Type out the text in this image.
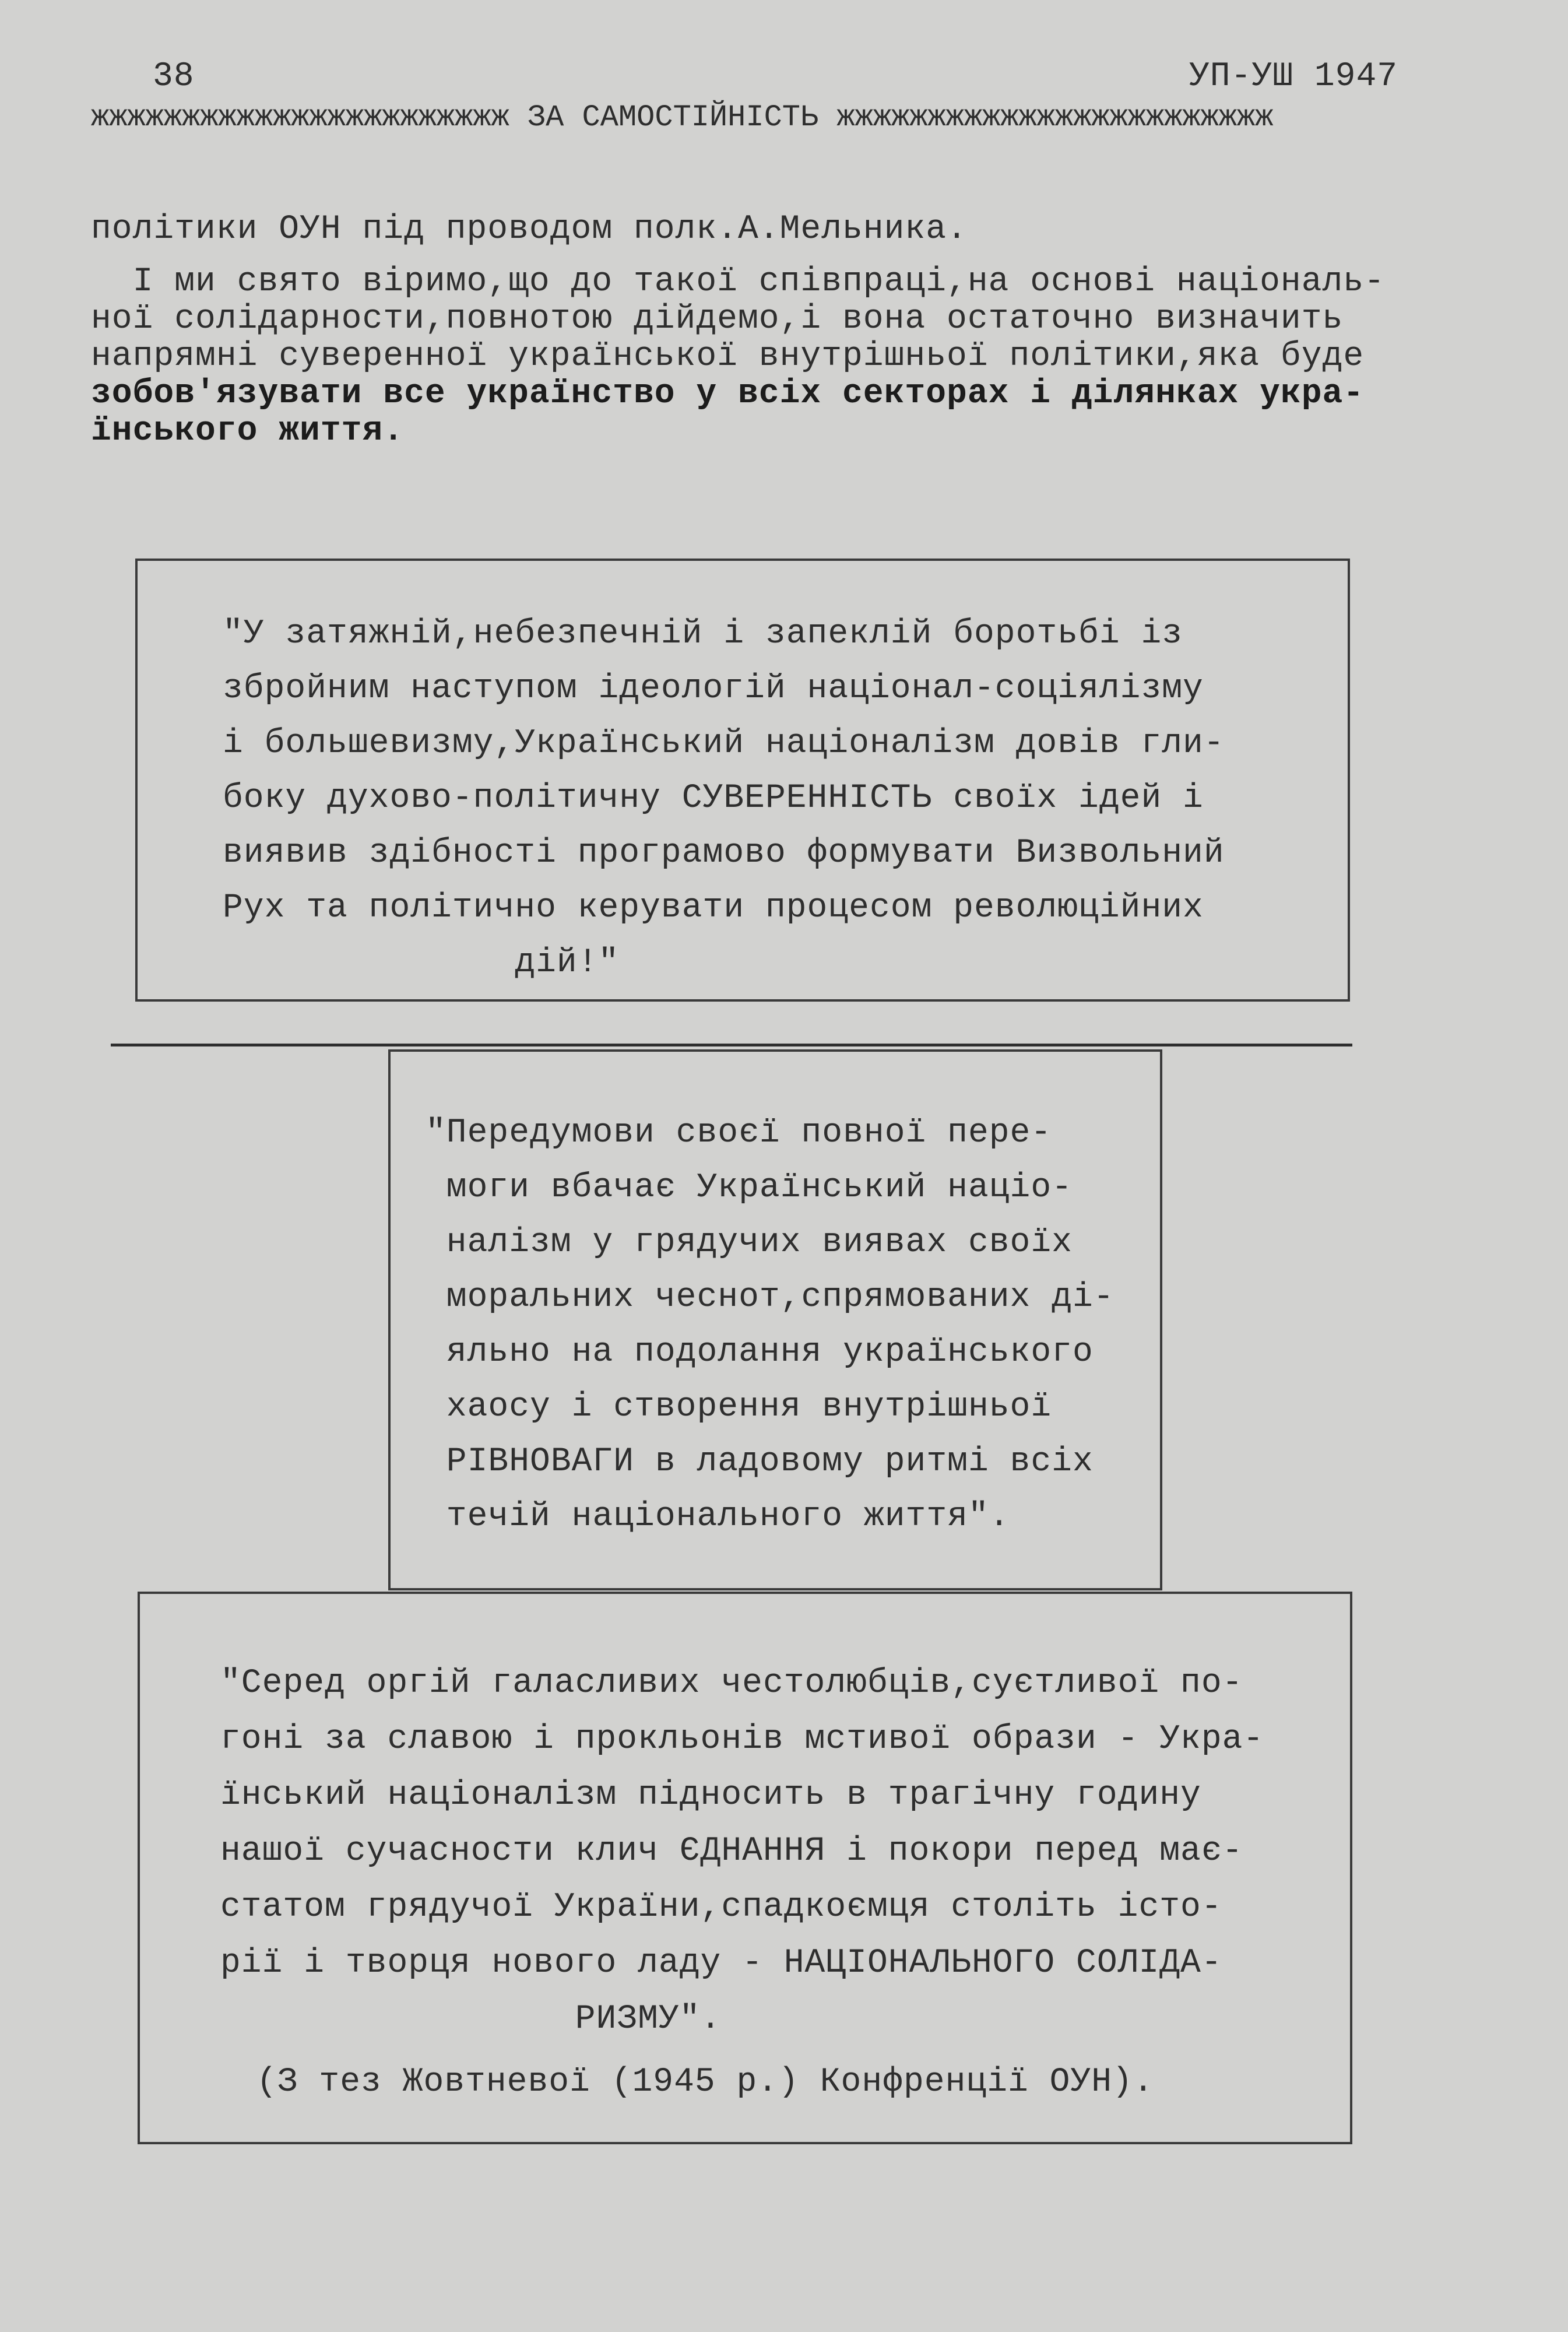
38	УП-УШ 1947
жжжжжжжжжжжжжжжжжжжжжжж ЗА САМОСТІЙНІСТЬ жжжжжжжжжжжжжжжжжжжжжжжж
політики ОУН під проводом полк.А.Мельника.
І ми свято віримо,що до такої співпраці,на основі національ-
ної солідарности,повнотою дійдемо,і вона остаточно визначить
напрямні суверенної української внутрішньої політики,яка буде
зобов'язувати все українство у всіх секторах і ділянках укра-
їнського життя.
"У затяжній,небезпечній і запеклій боротьбі із
збройним наступом ідеологій націонал-соціялізму
і большевизму,Український націоналізм довів гли-
боку духово-політичну СУВЕРЕННІСТЬ своїх ідей і
виявив здібності програмово формувати Визвольний
Рух та політично керувати процесом революційних
дій!"
"Передумови своєї повної пере-
моги вбачає Український націо-
налізм у грядучих виявах своїх
моральних чеснот,спрямованих ді-
яльно на подолання українського
хаосу і створення внутрішньої
РІВНОВАГИ в ладовому ритмі всіх
течій національного життя".
"Серед оргій галасливих честолюбців,суєтливої по-
гоні за славою і прокльонів мстивої образи - Укра-
їнський націоналізм підносить в трагічну годину
нашої сучасности клич ЄДНАННЯ і покори перед має-
статом грядучої України,спадкоємця століть істо-
рії і творця нового ладу - НАЦІОНАЛЬНОГО СОЛІДА-
РИЗМУ".
(З тез Жовтневої (1945 р.) Конфренції ОУН).
